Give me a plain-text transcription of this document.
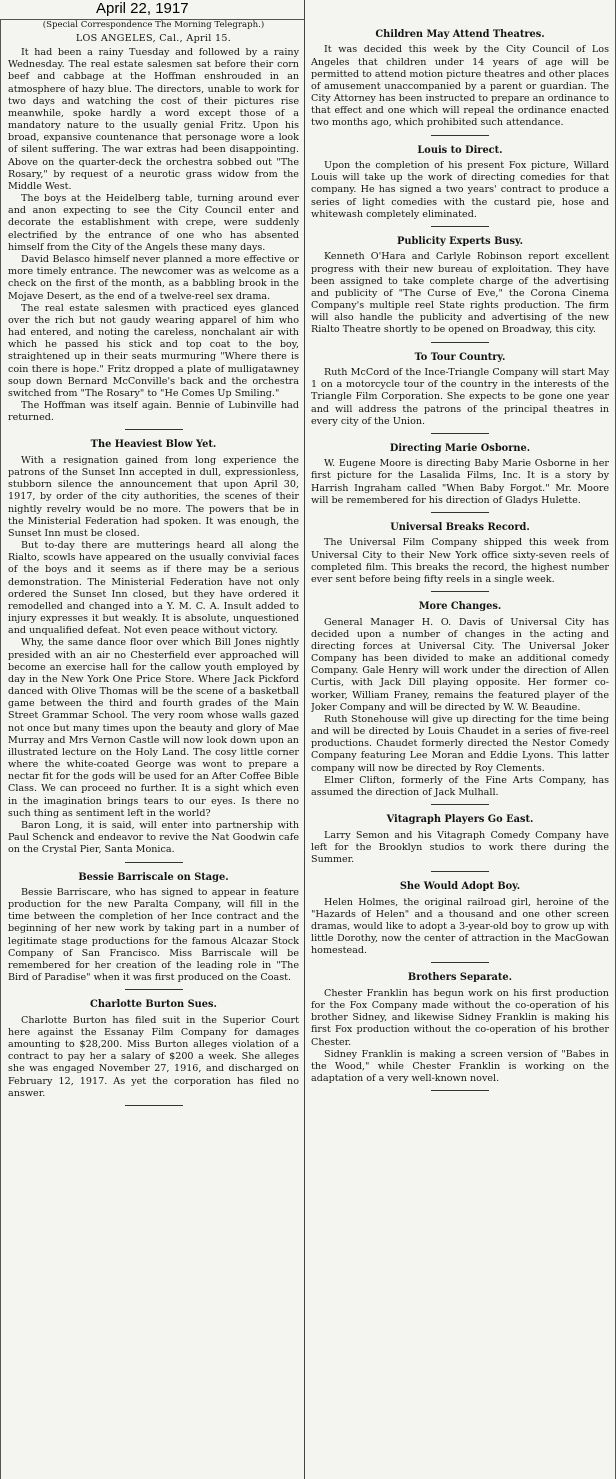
April 22, 1917
(Special Correspondence The Morning Telegraph.)
LOS ANGELES, Cal., April 15.

It had been a rainy Tuesday and followed by a rainy Wednesday. The real estate salesmen sat before their corn beef and cabbage at the Hoffman enshrouded in an atmosphere of hazy blue. The directors, unable to work for two days and watching the cost of their pictures rise meanwhile, spoke hardly a word except those of a mandatory nature to the usually genial Fritz. Upon his broad, expansive countenance that personage wore a look of silent suffering. The war extras had been disappointing. Above on the quarter-deck the orchestra sobbed out "The Rosary," by request of a neurotic grass widow from the Middle West.

The boys at the Heidelberg table, turning around ever and anon expecting to see the City Council enter and decorate the establishment with crepe, were suddenly electrified by the entrance of one who has absented himself from the City of the Angels these many days.

David Belasco himself never planned a more effective or more timely entrance. The newcomer was as welcome as a check on the first of the month, as a babbling brook in the Mojave Desert, as the end of a twelve-reel sex drama.

The real estate salesmen with practiced eyes glanced over the rich but not gaudy wearing apparel of him who had entered, and noting the careless, nonchalant air with which he passed his stick and top coat to the boy, straightened up in their seats murmuring "Where there is coin there is hope." Fritz dropped a plate of mulligatawney soup down Bernard McConville's back and the orchestra switched from "The Rosary" to "He Comes Up Smiling."

The Hoffman was itself again. Bennie of Lubinville had returned.

The Heaviest Blow Yet.

With a resignation gained from long experience the patrons of the Sunset Inn accepted in dull, expressionless, stubborn silence the announcement that upon April 30, 1917, by order of the city authorities, the scenes of their nightly revelry would be no more. The powers that be in the Ministerial Federation had spoken. It was enough, the Sunset Inn must be closed.

But to-day there are mutterings heard all along the Rialto, scowls have appeared on the usually convivial faces of the boys and it seems as if there may be a serious demonstration. The Ministerial Federation have not only ordered the Sunset Inn closed, but they have ordered it remodelled and changed into a Y. M. C. A. Insult added to injury expresses it but weakly. It is absolute, unquestioned and unqualified defeat. Not even peace without victory.

Why, the same dance floor over which Bill Jones nightly presided with an air no Chesterfield ever approached will become an exercise hall for the callow youth employed by day in the New York One Price Store. Where Jack Pickford danced with Olive Thomas will be the scene of a basketball game between the third and fourth grades of the Main Street Grammar School. The very room whose walls gazed not once but many times upon the beauty and glory of Mae Murray and Mrs Vernon Castle will now look down upon an illustrated lecture on the Holy Land. The cosy little corner where the white-coated George was wont to prepare a nectar fit for the gods will be used for an After Coffee Bible Class. We can proceed no further. It is a sight which even in the imagination brings tears to our eyes. Is there no such thing as sentiment left in the world?

Baron Long, it is said, will enter into partnership with Paul Schenck and endeavor to revive the Nat Goodwin cafe on the Crystal Pier, Santa Monica.

Bessie Barriscale on Stage.

Bessie Barriscare, who has signed to appear in feature production for the new Paralta Company, will fill in the time between the completion of her Ince contract and the beginning of her new work by taking part in a number of legitimate stage productions for the famous Alcazar Stock Company of San Francisco. Miss Barriscale will be remembered for her creation of the leading role in "The Bird of Paradise" when it was first produced on the Coast.

Charlotte Burton Sues.

Charlotte Burton has filed suit in the Superior Court here against the Essanay Film Company for damages amounting to $28,200. Miss Burton alleges violation of a contract to pay her a salary of $200 a week. She alleges she was engaged November 27, 1916, and discharged on February 12, 1917. As yet the corporation has filed no answer.

Children May Attend Theatres.

It was decided this week by the City Council of Los Angeles that children under 14 years of age will be permitted to attend motion picture theatres and other places of amusement unaccompanied by a parent or guardian. The City Attorney has been instructed to prepare an ordinance to that effect and one which will repeal the ordinance enacted two months ago, which prohibited such attendance.

Louis to Direct.

Upon the completion of his present Fox picture, Willard Louis will take up the work of directing comedies for that company. He has signed a two years' contract to produce a series of light comedies with the custard pie, hose and whitewash completely eliminated.

Publicity Experts Busy.

Kenneth O'Hara and Carlyle Robinson report excellent progress with their new bureau of exploitation. They have been assigned to take complete charge of the advertising and publicity of "The Curse of Eve," the Corona Cinema Company's multiple reel State rights production. The firm will also handle the publicity and advertising of the new Rialto Theatre shortly to be opened on Broadway, this city.

To Tour Country.

Ruth McCord of the Ince-Triangle Company will start May 1 on a motorcycle tour of the country in the interests of the Triangle Film Corporation. She expects to be gone one year and will address the patrons of the principal theatres in every city of the Union.

Directing Marie Osborne.

W. Eugene Moore is directing Baby Marie Osborne in her first picture for the Lasalida Films, Inc. It is a story by Harrish Ingraham called "When Baby Forgot." Mr. Moore will be remembered for his direction of Gladys Hulette.

Universal Breaks Record.

The Universal Film Company shipped this week from Universal City to their New York office sixty-seven reels of completed film. This breaks the record, the highest number ever sent before being fifty reels in a single week.

More Changes.

General Manager H. O. Davis of Universal City has decided upon a number of changes in the acting and directing forces at Universal City. The Universal Joker Company has been divided to make an additional comedy Company. Gale Henry will work under the direction of Allen Curtis, with Jack Dill playing opposite. Her former co-worker, William Franey, remains the featured player of the Joker Company and will be directed by W. W. Beaudine.

Ruth Stonehouse will give up directing for the time being and will be directed by Louis Chaudet in a series of five-reel productions. Chaudet formerly directed the Nestor Comedy Company featuring Lee Moran and Eddie Lyons. This latter company will now be directed by Roy Clements.

Elmer Clifton, formerly of the Fine Arts Company, has assumed the direction of Jack Mulhall.

Vitagraph Players Go East.

Larry Semon and his Vitagraph Comedy Company have left for the Brooklyn studios to work there during the Summer.

She Would Adopt Boy.

Helen Holmes, the original railroad girl, heroine of the "Hazards of Helen" and a thousand and one other screen dramas, would like to adopt a 3-year-old boy to grow up with little Dorothy, now the center of attraction in the MacGowan homestead.

Brothers Separate.

Chester Franklin has begun work on his first production for the Fox Company made without the co-operation of his brother Sidney, and likewise Sidney Franklin is making his first Fox production without the co-operation of his brother Chester.

Sidney Franklin is making a screen version of "Babes in the Wood," while Chester Franklin is working on the adaptation of a very well-known novel.
